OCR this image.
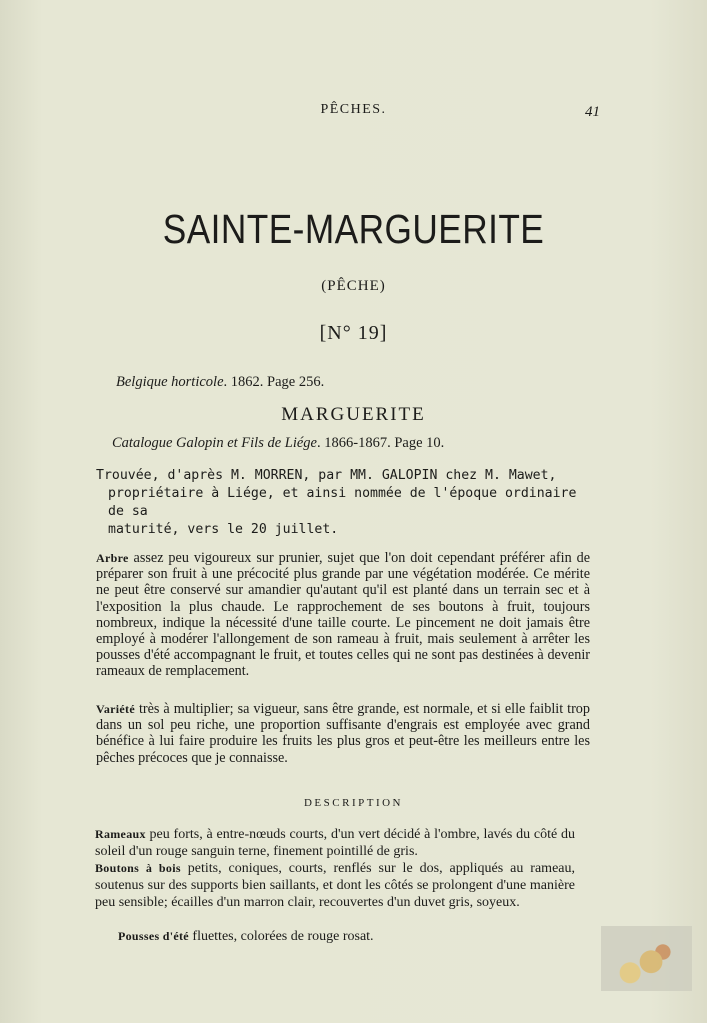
PÊCHES.	41
SAINTE-MARGUERITE
(PÊCHE)
[N° 19]
Belgique horticole. 1862. Page 256.
MARGUERITE
Catalogue Galopin et Fils de Liége. 1866-1867. Page 10.
Trouvée, d'après M. MORREN, par MM. GALOPIN chez M. Mawet,
propriétaire à Liége, et ainsi nommée de l'époque ordinaire de sa
maturité, vers le 20 juillet.
Arbre assez peu vigoureux sur prunier, sujet que l'on doit cependant préférer afin de préparer son fruit à une précocité plus grande par une végétation modérée. Ce mérite ne peut être conservé sur amandier qu'autant qu'il est planté dans un terrain sec et à l'exposition la plus chaude. Le rapprochement de ses boutons à fruit, toujours nombreux, indique la nécessité d'une taille courte. Le pincement ne doit jamais être employé à modérer l'allongement de son rameau à fruit, mais seulement à arrêter les pousses d'été accompagnant le fruit, et toutes celles qui ne sont pas destinées à devenir rameaux de remplacement.
Variété très à multiplier; sa vigueur, sans être grande, est normale, et si elle faiblit trop dans un sol peu riche, une proportion suffisante d'engrais est employée avec grand bénéfice à lui faire produire les fruits les plus gros et peut-être les meilleurs entre les pêches précoces que je connaisse.
DESCRIPTION
Rameaux peu forts, à entre-nœuds courts, d'un vert décidé à l'ombre, lavés du côté du soleil d'un rouge sanguin terne, finement pointillé de gris.
Boutons à bois petits, coniques, courts, renflés sur le dos, appliqués au rameau, soutenus sur des supports bien saillants, et dont les côtés se prolongent d'une manière peu sensible; écailles d'un marron clair, recouvertes d'un duvet gris, soyeux.
Pousses d'été fluettes, colorées de rouge rosat.
